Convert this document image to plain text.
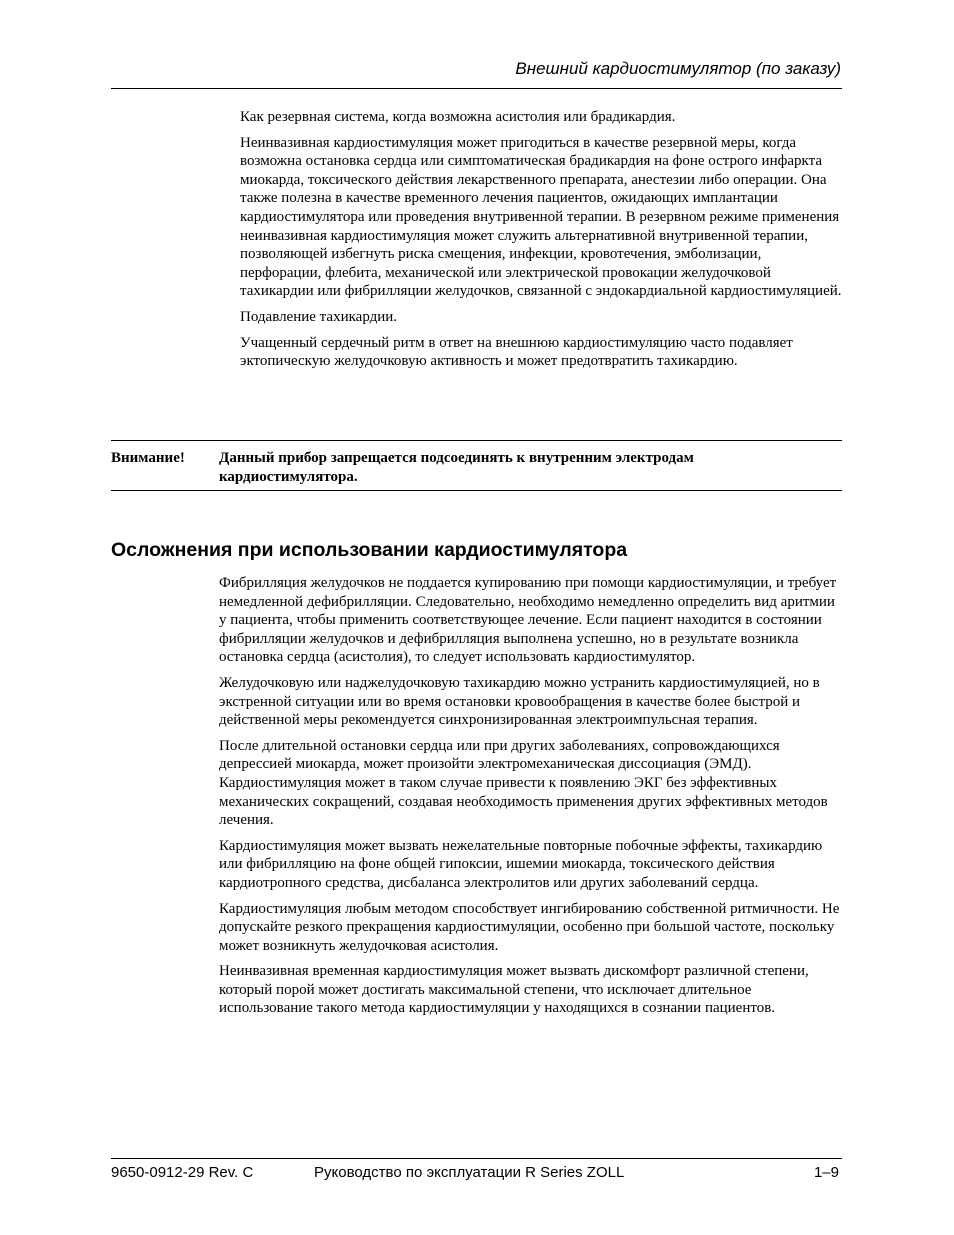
Внешний кардиостимулятор (по заказу)

Как резервная система, когда возможна асистолия или брадикардия.

Неинвазивная кардиостимуляция может пригодиться в качестве резервной меры, когда возможна остановка сердца или симптоматическая брадикардия на фоне острого инфаркта миокарда, токсического действия лекарственного препарата, анестезии либо операции. Она также полезна в качестве временного лечения пациентов, ожидающих имплантации кардиостимулятора или проведения внутривенной терапии. В резервном режиме применения неинвазивная кардиостимуляция может служить альтернативной внутривенной терапии, позволяющей избегнуть риска смещения, инфекции, кровотечения, эмболизации, перфорации, флебита, механической или электрической провокации желудочковой тахикардии или фибрилляции желудочков, связанной с эндокардиальной кардиостимуляцией.

Подавление тахикардии.

Учащенный сердечный ритм в ответ на внешнюю кардиостимуляцию часто подавляет эктопическую желудочковую активность и может предотвратить тахикардию.

Внимание! Данный прибор запрещается подсоединять к внутренним электродам кардиостимулятора.
Осложнения при использовании кардиостимулятора

Фибрилляция желудочков не поддается купированию при помощи кардиостимуляции, и требует немедленной дефибрилляции. Следовательно, необходимо немедленно определить вид аритмии у пациента, чтобы применить соответствующее лечение. Если пациент находится в состоянии фибрилляции желудочков и дефибрилляция выполнена успешно, но в результате возникла остановка сердца (асистолия), то следует использовать кардиостимулятор.

Желудочковую или наджелудочковую тахикардию можно устранить кардиостимуляцией, но в экстренной ситуации или во время остановки кровообращения в качестве более быстрой и действенной меры рекомендуется синхронизированная электроимпульсная терапия.

После длительной остановки сердца или при других заболеваниях, сопровождающихся депрессией миокарда, может произойти электромеханическая диссоциация (ЭМД). Кардиостимуляция может в таком случае привести к появлению ЭКГ без эффективных механических сокращений, создавая необходимость применения других эффективных методов лечения.

Кардиостимуляция может вызвать нежелательные повторные побочные эффекты, тахикардию или фибрилляцию на фоне общей гипоксии, ишемии миокарда, токсического действия кардиотропного средства, дисбаланса электролитов или других заболеваний сердца.

Кардиостимуляция любым методом способствует ингибированию собственной ритмичности. Не допускайте резкого прекращения кардиостимуляции, особенно при большой частоте, поскольку может возникнуть желудочковая асистолия.

Неинвазивная временная кардиостимуляция может вызвать дискомфорт различной степени, который порой может достигать максимальной степени, что исключает длительное использование такого метода кардиостимуляции у находящихся в сознании пациентов.

9650-0912-29 Rev. C	Руководство по эксплуатации R Series ZOLL	1–9
